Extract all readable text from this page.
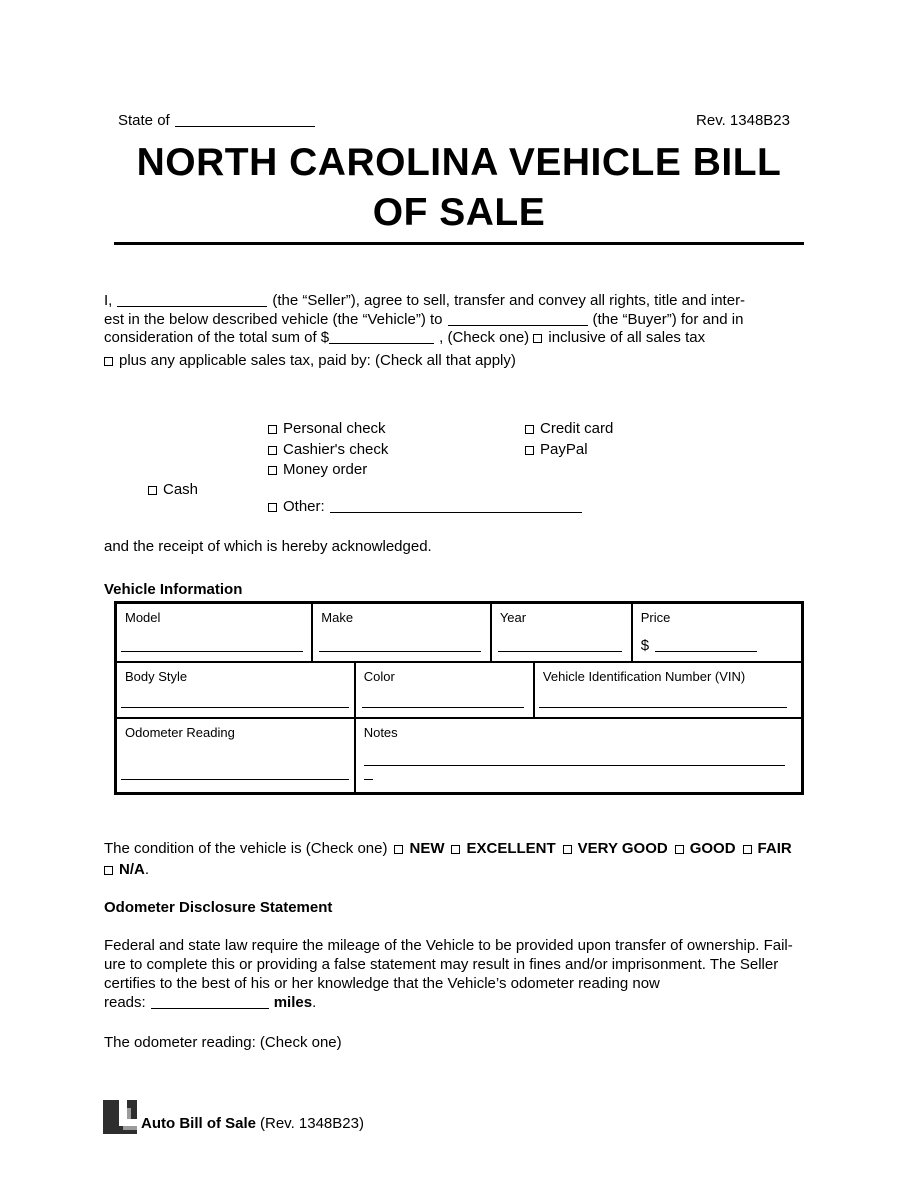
State of	Rev. 1348B23
NORTH CAROLINA VEHICLE BILL
OF SALE
I,	(the “Seller”), agree to sell, transfer and convey all rights, title and inter-
est in the below described vehicle (the “Vehicle”) to	(the “Buyer”) for and in
consideration of the total sum of $	, (Check one) inclusive of all sales tax
plus any applicable sales tax, paid by: (Check all that apply)
Personal check
Cashier's check
Money order
Credit card
PayPal
Cash
Other:
and the receipt of which is hereby acknowledged.
Vehicle Information
Model	Make	Year	Price
$
Body Style	Color	Vehicle Identification Number (VIN)
Odometer Reading	Notes
The condition of the vehicle is (Check one) NEW EXCELLENT VERY GOOD GOOD FAIR
N/A.
Odometer Disclosure Statement
Federal and state law require the mileage of the Vehicle to be provided upon transfer of ownership. Fail-
ure to complete this or providing a false statement may result in fines and/or imprisonment. The Seller
certifies to the best of his or her knowledge that the Vehicle’s odometer reading now
reads:	miles.
The odometer reading: (Check one)
Auto Bill of Sale (Rev. 1348B23)
